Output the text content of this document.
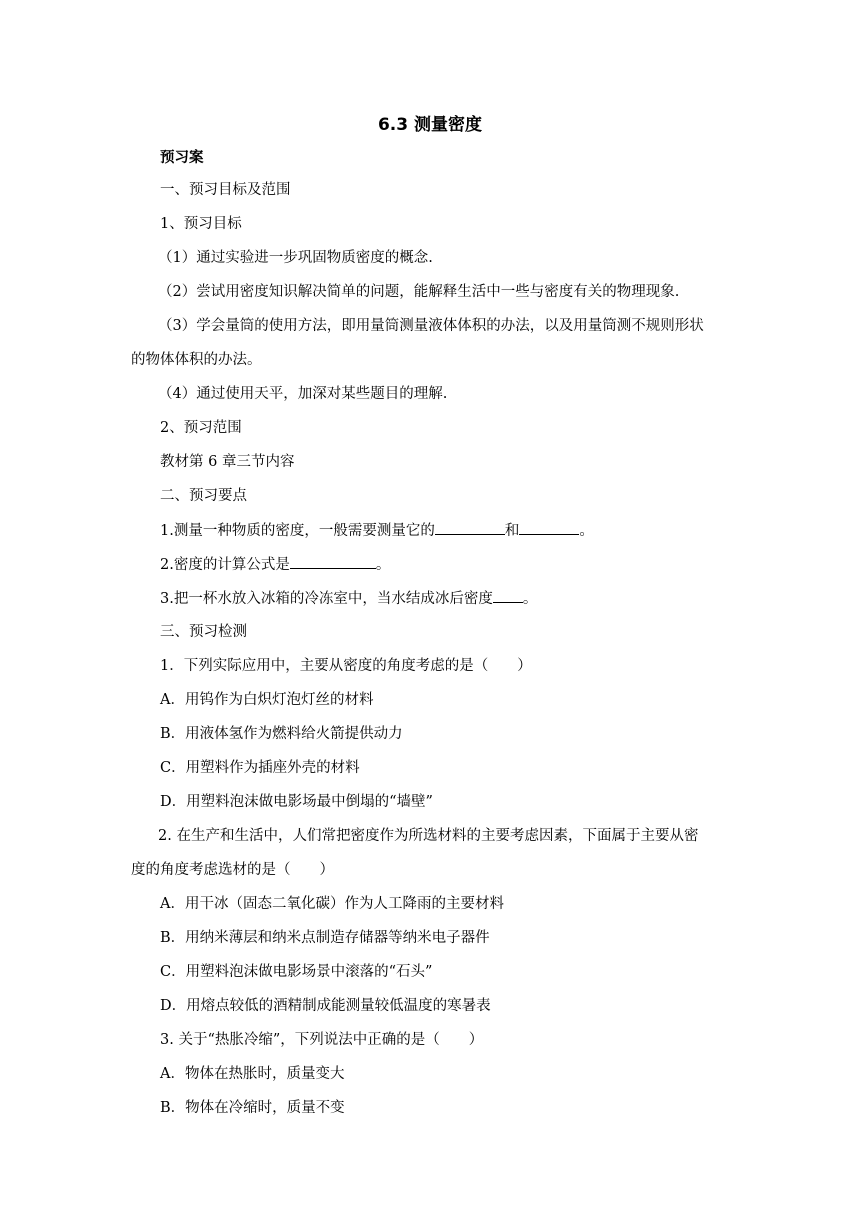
6.3 测量密度
预习案
一、预习目标及范围
1、预习目标
（1）通过实验进一步巩固物质密度的概念.
（2）尝试用密度知识解决简单的问题，能解释生活中一些与密度有关的物理现象.
（3）学会量筒的使用方法，即用量筒测量液体体积的办法，以及用量筒测不规则形状
的物体体积的办法。
（4）通过使用天平，加深对某些题目的理解.
2、预习范围
教材第 6 章三节内容
二、预习要点
1.测量一种物质的密度，一般需要测量它的	和	。
2.密度的计算公式是	。
3.把一杯水放入冰箱的冷冻室中，当水结成冰后密度 。
三、预习检测
1．下列实际应用中，主要从密度的角度考虑的是（　　）
A．用钨作为白炽灯泡灯丝的材料
B．用液体氢作为燃料给火箭提供动力
C．用塑料作为插座外壳的材料
D．用塑料泡沫做电影场最中倒塌的“墙壁”
2. 在生产和生活中，人们常把密度作为所选材料的主要考虑因素，下面属于主要从密
度的角度考虑选材的是（　　）
A．用干冰（固态二氧化碳）作为人工降雨的主要材料
B．用纳米薄层和纳米点制造存储器等纳米电子器件
C．用塑料泡沫做电影场景中滚落的“石头”
D．用熔点较低的酒精制成能测量较低温度的寒暑表
3. 关于“热胀冷缩”，下列说法中正确的是（　　）
A．物体在热胀时，质量变大
B．物体在冷缩时，质量不变
